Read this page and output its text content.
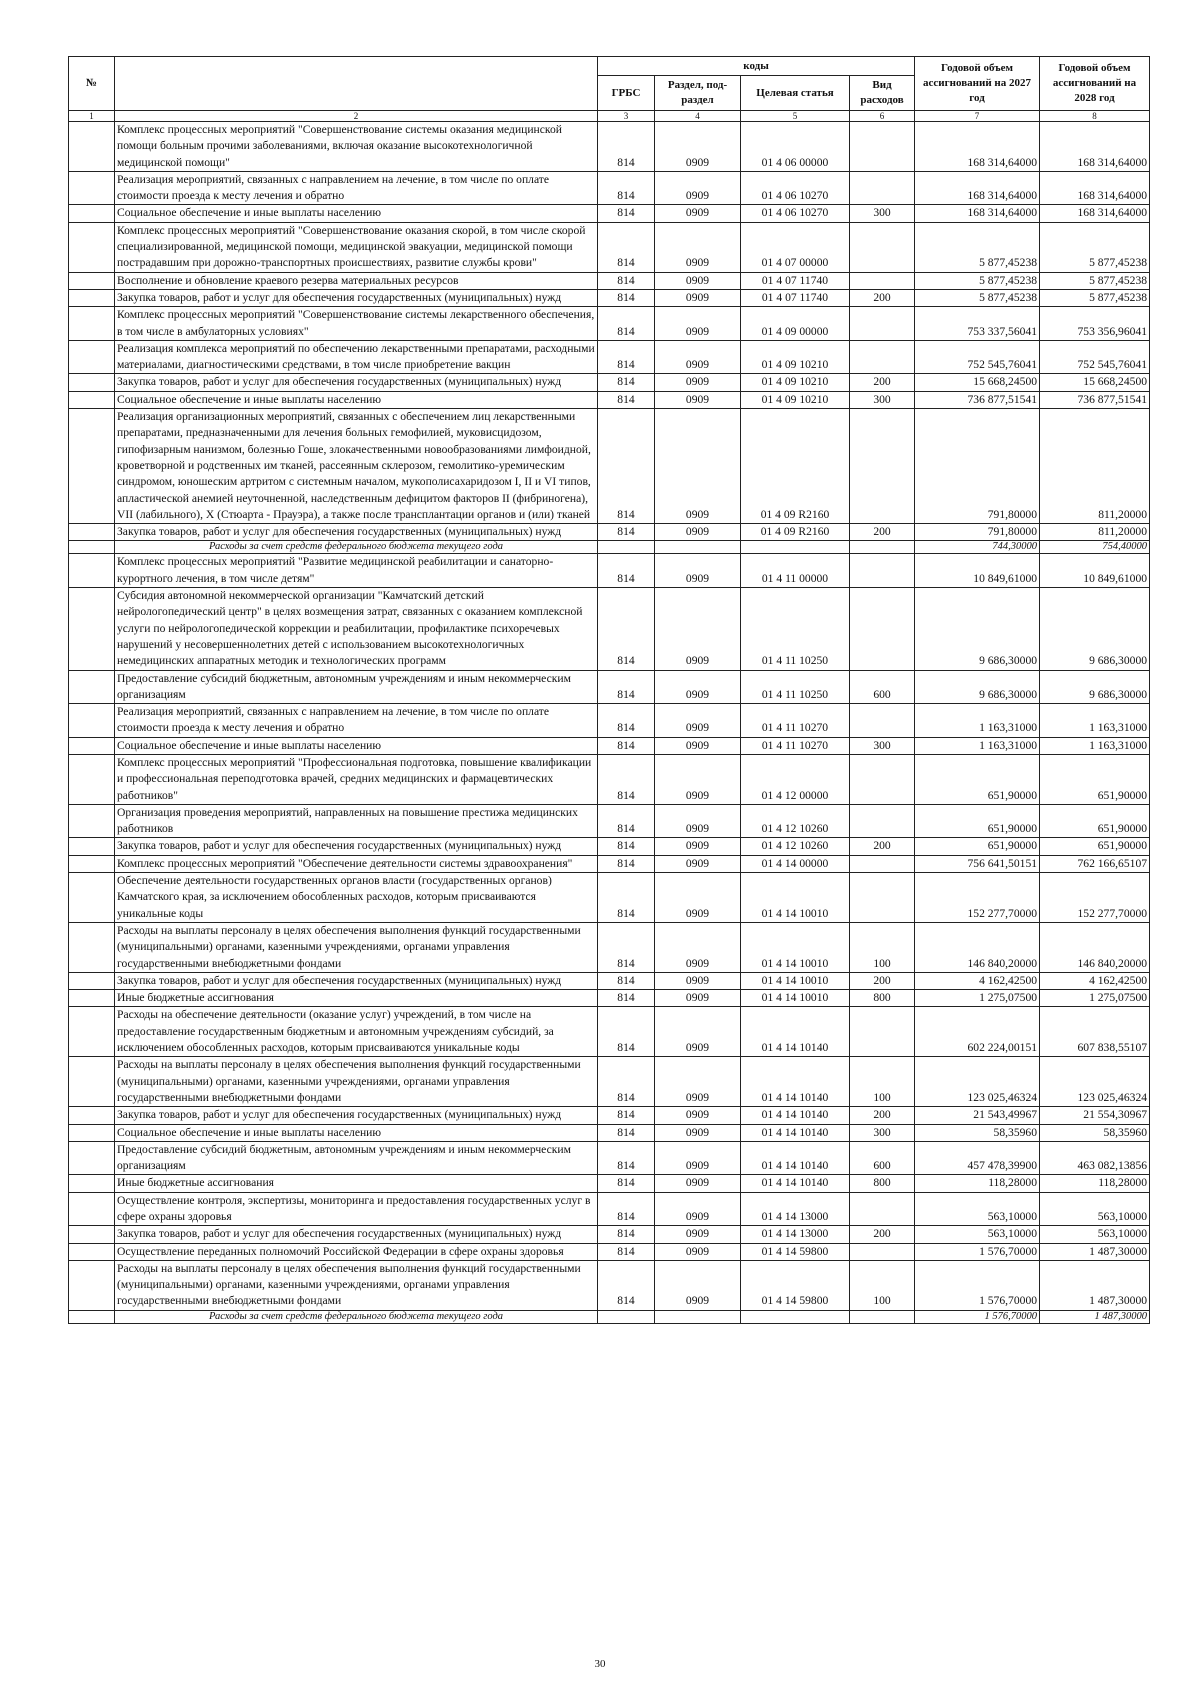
№		коды				Годовой объем ассигнований на 2027 год	Годовой объем ассигнований на 2028 год
		ГРБС	Раздел, под-раздел	Целевая статья	Вид расходов		
1	2	3	4	5	6	7	8
	Комплекс процессных мероприятий "Совершенствование системы оказания медицинской помощи больным прочими заболеваниями, включая оказание высокотехнологичной медицинской помощи"	814	0909	01 4 06 00000		168 314,64000	168 314,64000
	Реализация мероприятий, связанных с направлением на лечение, в том числе по оплате стоимости проезда к месту лечения и обратно	814	0909	01 4 06 10270		168 314,64000	168 314,64000
	Социальное обеспечение и иные выплаты населению	814	0909	01 4 06 10270	300	168 314,64000	168 314,64000
	Комплекс процессных мероприятий "Совершенствование оказания скорой, в том числе скорой специализированной, медицинской помощи, медицинской эвакуации, медицинской помощи пострадавшим при дорожно-транспортных происшествиях, развитие службы крови"	814	0909	01 4 07 00000		5 877,45238	5 877,45238
	Восполнение и обновление краевого резерва материальных ресурсов	814	0909	01 4 07 11740		5 877,45238	5 877,45238
	Закупка товаров, работ и услуг для обеспечения государственных (муниципальных) нужд	814	0909	01 4 07 11740	200	5 877,45238	5 877,45238
	Комплекс процессных мероприятий "Совершенствование системы лекарственного обеспечения, в том числе в амбулаторных условиях"	814	0909	01 4 09 00000		753 337,56041	753 356,96041
	Реализация комплекса мероприятий по обеспечению лекарственными препаратами, расходными материалами, диагностическими средствами, в том числе приобретение вакцин	814	0909	01 4 09 10210		752 545,76041	752 545,76041
	Закупка товаров, работ и услуг для обеспечения государственных (муниципальных) нужд	814	0909	01 4 09 10210	200	15 668,24500	15 668,24500
	Социальное обеспечение и иные выплаты населению	814	0909	01 4 09 10210	300	736 877,51541	736 877,51541
	Реализация организационных мероприятий, связанных с обеспечением лиц лекарственными препаратами, предназначенными для лечения больных гемофилией, муковисцидозом, гипофизарным нанизмом, болезнью Гоше, злокачественными новообразованиями лимфоидной, кроветворной и родственных им тканей, рассеянным склерозом, гемолитико-уремическим синдромом, юношеским артритом с системным началом, мукополисахаридозом I, II и VI типов, апластической анемией неуточненной, наследственным дефицитом факторов II (фибриногена), VII (лабильного), X (Стюарта - Прауэра), а также после трансплантации органов и (или) тканей	814	0909	01 4 09 R2160		791,80000	811,20000
	Закупка товаров, работ и услуг для обеспечения государственных (муниципальных) нужд	814	0909	01 4 09 R2160	200	791,80000	811,20000
	Расходы за счет средств федерального бюджета текущего года					744,30000	754,40000
	Комплекс процессных мероприятий "Развитие медицинской реабилитации и санаторно-курортного лечения, в том числе детям"	814	0909	01 4 11 00000		10 849,61000	10 849,61000
	Субсидия автономной некоммерческой организации "Камчатский детский нейрологопедический центр" в целях возмещения затрат, связанных с оказанием комплексной услуги по нейрологопедической коррекции и реабилитации, профилактике психоречевых нарушений у несовершеннолетних детей с использованием высокотехнологичных немедицинских аппаратных методик и технологических программ	814	0909	01 4 11 10250		9 686,30000	9 686,30000
	Предоставление субсидий бюджетным, автономным учреждениям и иным некоммерческим организациям	814	0909	01 4 11 10250	600	9 686,30000	9 686,30000
	Реализация мероприятий, связанных с направлением на лечение, в том числе по оплате стоимости проезда к месту лечения и обратно	814	0909	01 4 11 10270		1 163,31000	1 163,31000
	Социальное обеспечение и иные выплаты населению	814	0909	01 4 11 10270	300	1 163,31000	1 163,31000
	Комплекс процессных мероприятий "Профессиональная подготовка, повышение квалификации и профессиональная переподготовка врачей, средних медицинских и фармацевтических работников"	814	0909	01 4 12 00000		651,90000	651,90000
	Организация проведения мероприятий, направленных на повышение престижа медицинских работников	814	0909	01 4 12 10260		651,90000	651,90000
	Закупка товаров, работ и услуг для обеспечения государственных (муниципальных) нужд	814	0909	01 4 12 10260	200	651,90000	651,90000
	Комплекс процессных мероприятий "Обеспечение деятельности системы здравоохранения"	814	0909	01 4 14 00000		756 641,50151	762 166,65107
	Обеспечение деятельности государственных органов власти (государственных органов) Камчатского края, за исключением обособленных расходов, которым присваиваются уникальные коды	814	0909	01 4 14 10010		152 277,70000	152 277,70000
	Расходы на выплаты персоналу в целях обеспечения выполнения функций государственными (муниципальными) органами, казенными учреждениями, органами управления государственными внебюджетными фондами	814	0909	01 4 14 10010	100	146 840,20000	146 840,20000
	Закупка товаров, работ и услуг для обеспечения государственных (муниципальных) нужд	814	0909	01 4 14 10010	200	4 162,42500	4 162,42500
	Иные бюджетные ассигнования	814	0909	01 4 14 10010	800	1 275,07500	1 275,07500
	Расходы на обеспечение деятельности (оказание услуг) учреждений, в том числе на предоставление государственным бюджетным и автономным учреждениям субсидий, за исключением обособленных расходов, которым присваиваются уникальные коды	814	0909	01 4 14 10140		602 224,00151	607 838,55107
	Расходы на выплаты персоналу в целях обеспечения выполнения функций государственными (муниципальными) органами, казенными учреждениями, органами управления государственными внебюджетными фондами	814	0909	01 4 14 10140	100	123 025,46324	123 025,46324
	Закупка товаров, работ и услуг для обеспечения государственных (муниципальных) нужд	814	0909	01 4 14 10140	200	21 543,49967	21 554,30967
	Социальное обеспечение и иные выплаты населению	814	0909	01 4 14 10140	300	58,35960	58,35960
	Предоставление субсидий бюджетным, автономным учреждениям и иным некоммерческим организациям	814	0909	01 4 14 10140	600	457 478,39900	463 082,13856
	Иные бюджетные ассигнования	814	0909	01 4 14 10140	800	118,28000	118,28000
	Осуществление контроля, экспертизы, мониторинга и предоставления государственных услуг в сфере охраны здоровья	814	0909	01 4 14 13000		563,10000	563,10000
	Закупка товаров, работ и услуг для обеспечения государственных (муниципальных) нужд	814	0909	01 4 14 13000	200	563,10000	563,10000
	Осуществление переданных полномочий Российской Федерации в сфере охраны здоровья	814	0909	01 4 14 59800		1 576,70000	1 487,30000
	Расходы на выплаты персоналу в целях обеспечения выполнения функций государственными (муниципальными) органами, казенными учреждениями, органами управления государственными внебюджетными фондами	814	0909	01 4 14 59800	100	1 576,70000	1 487,30000
	Расходы за счет средств федерального бюджета текущего года					1 576,70000	1 487,30000
30
